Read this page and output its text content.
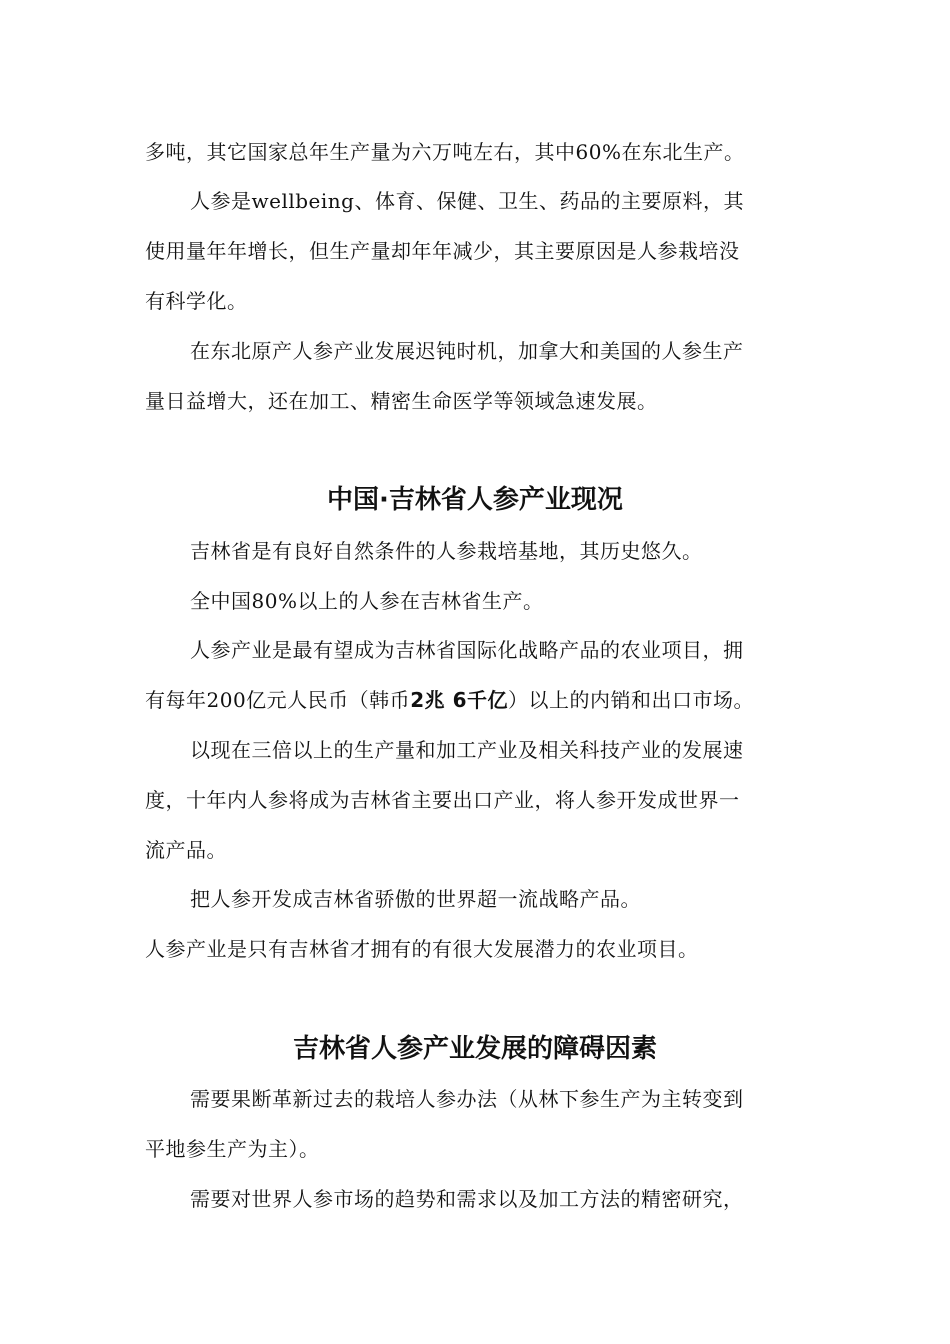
多吨，其它国家总年生产量为六万吨左右，其中60%在东北生产。
人参是wellbeing、体育、保健、卫生、药品的主要原料，其
使用量年年增长，但生产量却年年减少，其主要原因是人参栽培没
有科学化。
在东北原产人参产业发展迟钝时机，加拿大和美国的人参生产
量日益增大，还在加工、精密生命医学等领域急速发展。
中国·吉林省人参产业现况
吉林省是有良好自然条件的人参栽培基地，其历史悠久。
全中国80%以上的人参在吉林省生产。
人参产业是最有望成为吉林省国际化战略产品的农业项目，拥
有每年200亿元人民币（韩币2兆 6千亿）以上的内销和出口市场。
以现在三倍以上的生产量和加工产业及相关科技产业的发展速
度，十年内人参将成为吉林省主要出口产业，将人参开发成世界一
流产品。
把人参开发成吉林省骄傲的世界超一流战略产品。
人参产业是只有吉林省才拥有的有很大发展潜力的农业项目。
吉林省人参产业发展的障碍因素
需要果断革新过去的栽培人参办法（从林下参生产为主转变到
平地参生产为主）。
需要对世界人参市场的趋势和需求以及加工方法的精密研究，
